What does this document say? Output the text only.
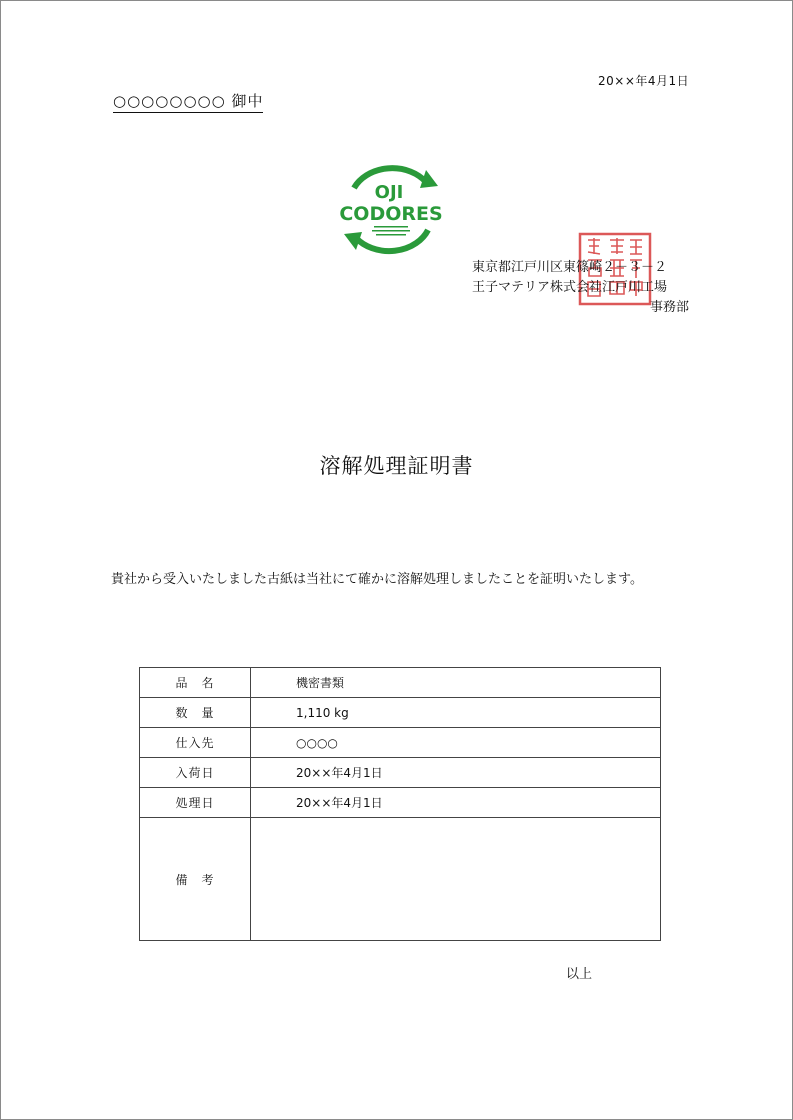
20××年4月1日
○○○○○○○○ 御中
OJI
CODORES
東京都江戸川区東篠崎２－３－２
王子マテリア株式会社江戸川工場
事務部
溶解処理証明書
貴社から受入いたしました古紙は当社にて確かに溶解処理しましたことを証明いたします。
品　名	機密書類
数　量	1,110 kg
仕入先	○○○○
入荷日	20××年4月1日
処理日	20××年4月1日
備　考	
以上
